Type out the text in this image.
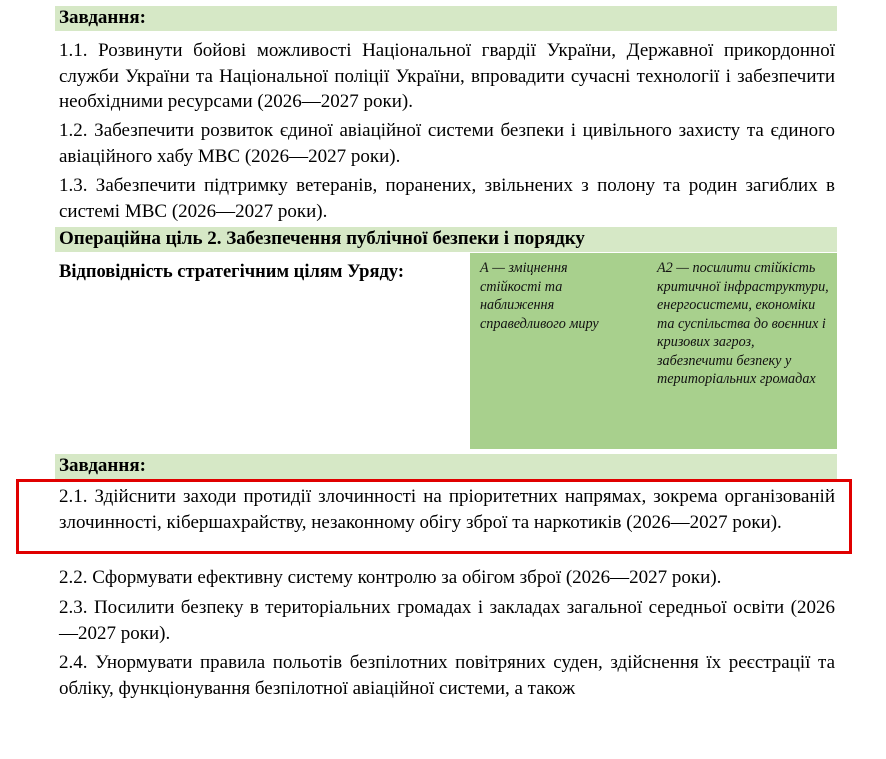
Завдання:
1.1. Розвинути бойові можливості Національної гвардії України, Державної прикордонної служби України та Національної поліції України, впровадити сучасні технології і забезпечити необхідними ресурсами (2026—2027 роки).
1.2. Забезпечити розвиток єдиної авіаційної системи безпеки і цивільного захисту та єдиного авіаційного хабу МВС (2026—2027 роки).
1.3. Забезпечити підтримку ветеранів, поранених, звільнених з полону та родин загиблих в системі МВС (2026—2027 роки).
Операційна ціль 2. Забезпечення публічної безпеки і порядку
Відповідність стратегічним цілям Уряду:	А — зміцнення стійкості та наближення справедливого миру
А2 — посилити стійкість критичної інфраструктури, енергосистеми, економіки та суспільства до воєнних і кризових загроз, забезпечити безпеку у територіальних громадах
Завдання:
2.1. Здійснити заходи протидії злочинності на пріоритетних напрямах, зокрема організованій злочинності, кібершахрайству, незаконному обігу зброї та наркотиків (2026—2027 роки).
2.2. Сформувати ефективну систему контролю за обігом зброї (2026—2027 роки).
2.3. Посилити безпеку в територіальних громадах і закладах загальної середньої освіти (2026—2027 роки).
2.4. Унормувати правила польотів безпілотних повітряних суден, здійснення їх реєстрації та обліку, функціонування безпілотної авіаційної системи, а також
